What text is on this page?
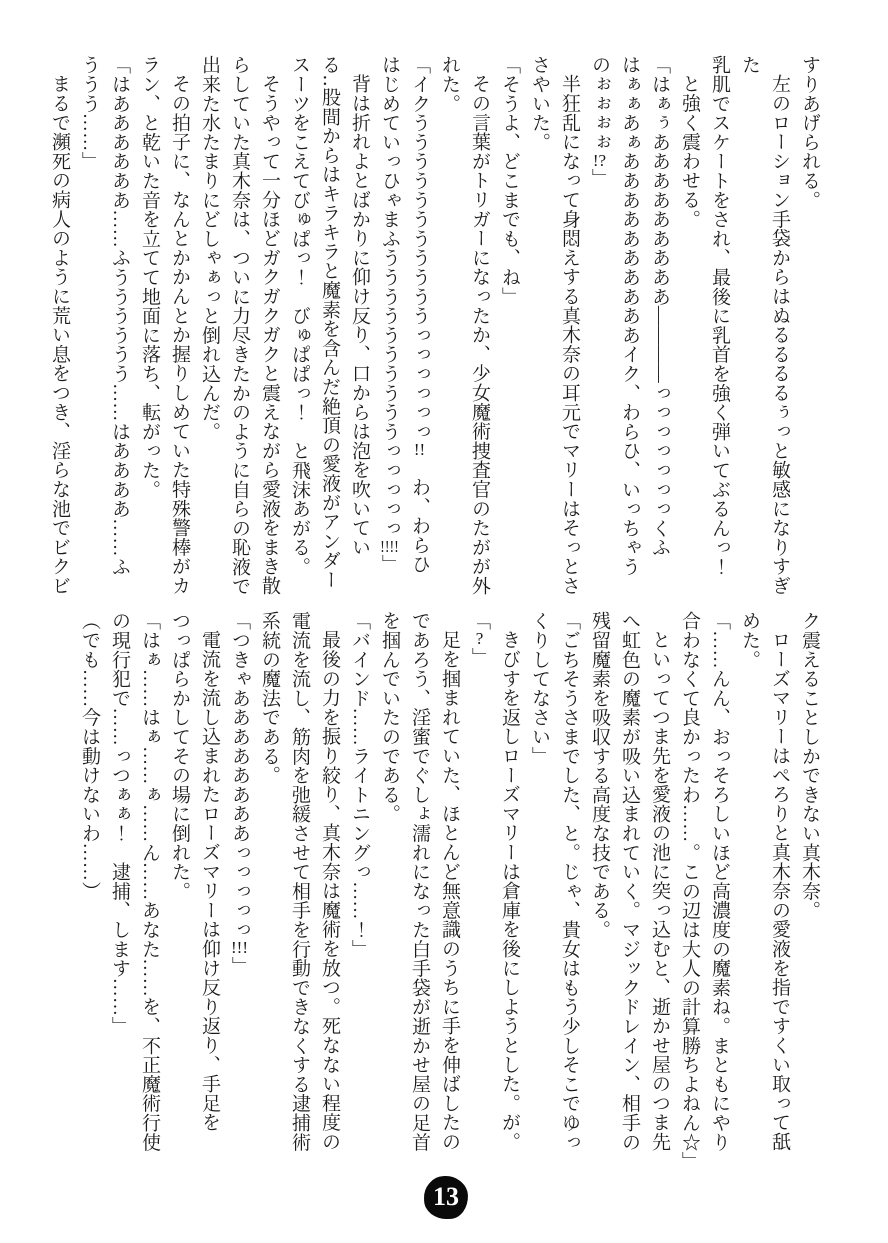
すりあげられる。

左のローション手袋からはぬるるるるぅっと敏感になりすぎた

乳肌でスケートをされ、最後に乳首を強く弾いてぶるんっ！

と強く震わせる。

「はぁぅあああああああああ————っっっっっっっくふ

はぁぁあぁああああああああああイク、わらひ、いっちゃう

のぉぉぉぉ!?」

半狂乱になって身悶えする真木奈の耳元でマリーはそっとさ

さやいた。

「そうよ、どこまでも、ね」

その言葉がトリガーになったか、少女魔術捜査官のたがが外

れた。

「イクうううううううううううっっっっっっ!!　わ、わらひ

はじめていっひゃまふううううううううううっっっっっ!!!!」

背は折れよとばかりに仰け反り、口からは泡を吹いてい

る‥股間からはキラキラと魔素を含んだ絶頂の愛液がアンダー

スーツをこえてびゅぱっ！　びゅぱぱっ！　と飛沫あがる。

そうやって一分ほどガクガクガクと震えながら愛液をまき散

らしていた真木奈は、ついに力尽きたかのように自らの恥液で

出来た水たまりにどしゃぁっと倒れ込んだ。

その拍子に、なんとかかんとか握りしめていた特殊警棒がカ

ラン、と乾いた音を立てて地面に落ち、転がった。

「はああああああ……ふうううううう……はああああ……ふ

ううう……」

まるで瀕死の病人のように荒い息をつき、淫らな池でビクビ

ク震えることしかできない真木奈。

ローズマリーはぺろりと真木奈の愛液を指ですくい取って舐

めた。

「……んん、おっそろしいほど高濃度の魔素ね。まともにやり

合わなくて良かったわ……。この辺は大人の計算勝ちよねん☆」

といってつま先を愛液の池に突っ込むと、逝かせ屋のつま先

へ虹色の魔素が吸い込まれていく。マジックドレイン、相手の

残留魔素を吸収する高度な技である。

「ごちそうさまでした、と。じゃ、貴女はもう少しそこでゆっ

くりしてなさい」

きびすを返しローズマリーは倉庫を後にしようとした。が。

「?」

足を掴まれていた、ほとんど無意識のうちに手を伸ばしたの

であろう、淫蜜でぐしょ濡れになった白手袋が逝かせ屋の足首

を掴んでいたのである。

「バインド……ライトニングっ……！」

最後の力を振り絞り、真木奈は魔術を放つ。死なない程度の

電流を流し、筋肉を弛緩させて相手を行動できなくする逮捕術

系統の魔法である。

「つきゃああああああああっっっっっ!!!」

電流を流し込まれたローズマリーは仰け反り返り、手足を

つっぱらかしてその場に倒れた。

「はぁ……はぁ……ぁ……ん……あなた……を、不正魔術行使

の現行犯で……っつぁぁ！　逮捕、します……」

（でも……今は動けないわ……）

13
